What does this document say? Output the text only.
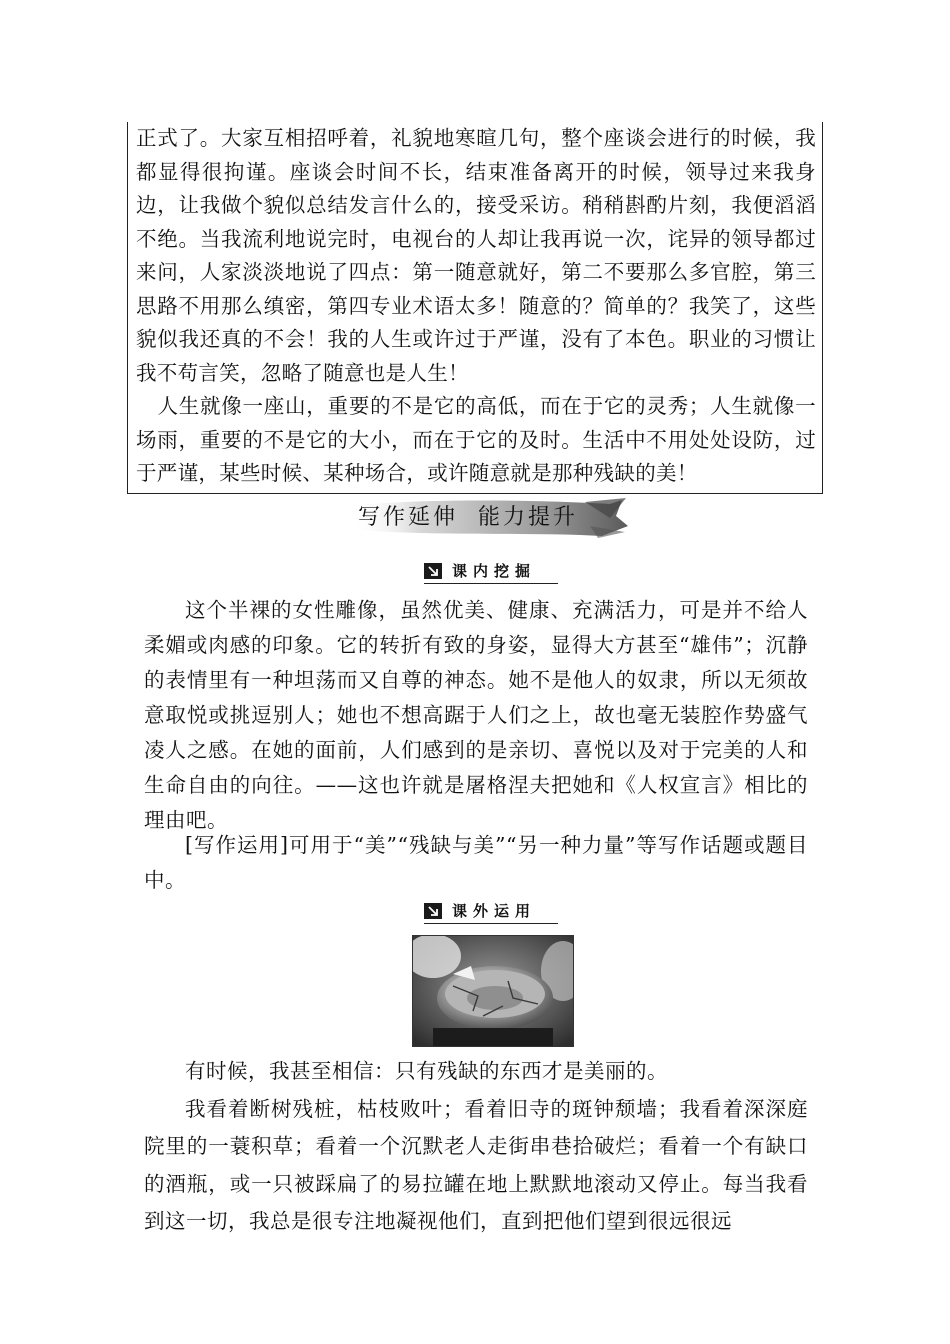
正式了。大家互相招呼着，礼貌地寒暄几句，整个座谈会进行的时候，我都显得很拘谨。座谈会时间不长，结束准备离开的时候，领导过来我身边，让我做个貌似总结发言什么的，接受采访。稍稍斟酌片刻，我便滔滔不绝。当我流利地说完时，电视台的人却让我再说一次，诧异的领导都过来问，人家淡淡地说了四点：第一随意就好，第二不要那么多官腔，第三思路不用那么缜密，第四专业术语太多！随意的？简单的？我笑了，这些貌似我还真的不会！我的人生或许过于严谨，没有了本色。职业的习惯让我不苟言笑，忽略了随意也是人生！

人生就像一座山，重要的不是它的高低，而在于它的灵秀；人生就像一场雨，重要的不是它的大小，而在于它的及时。生活中不用处处设防，过于严谨，某些时候、某种场合，或许随意就是那种残缺的美！

写作延伸  能力提升
课内挖掘

这个半裸的女性雕像，虽然优美、健康、充满活力，可是并不给人柔媚或肉感的印象。它的转折有致的身姿，显得大方甚至“雄伟”；沉静的表情里有一种坦荡而又自尊的神态。她不是他人的奴隶，所以无须故意取悦或挑逗别人；她也不想高踞于人们之上，故也毫无装腔作势盛气凌人之感。在她的面前，人们感到的是亲切、喜悦以及对于完美的人和生命自由的向往。——这也许就是屠格涅夫把她和《人权宣言》相比的理由吧。

[写作运用]可用于“美”“残缺与美”“另一种力量”等写作话题或题目中。

课外运用

有时候，我甚至相信：只有残缺的东西才是美丽的。

我看着断树残桩，枯枝败叶；看着旧寺的斑钟颓墙；我看着深深庭院里的一蓑积草；看着一个沉默老人走街串巷拾破烂；看着一个有缺口的酒瓶，或一只被踩扁了的易拉罐在地上默默地滚动又停止。每当我看到这一切，我总是很专注地凝视他们，直到把他们望到很远很远
